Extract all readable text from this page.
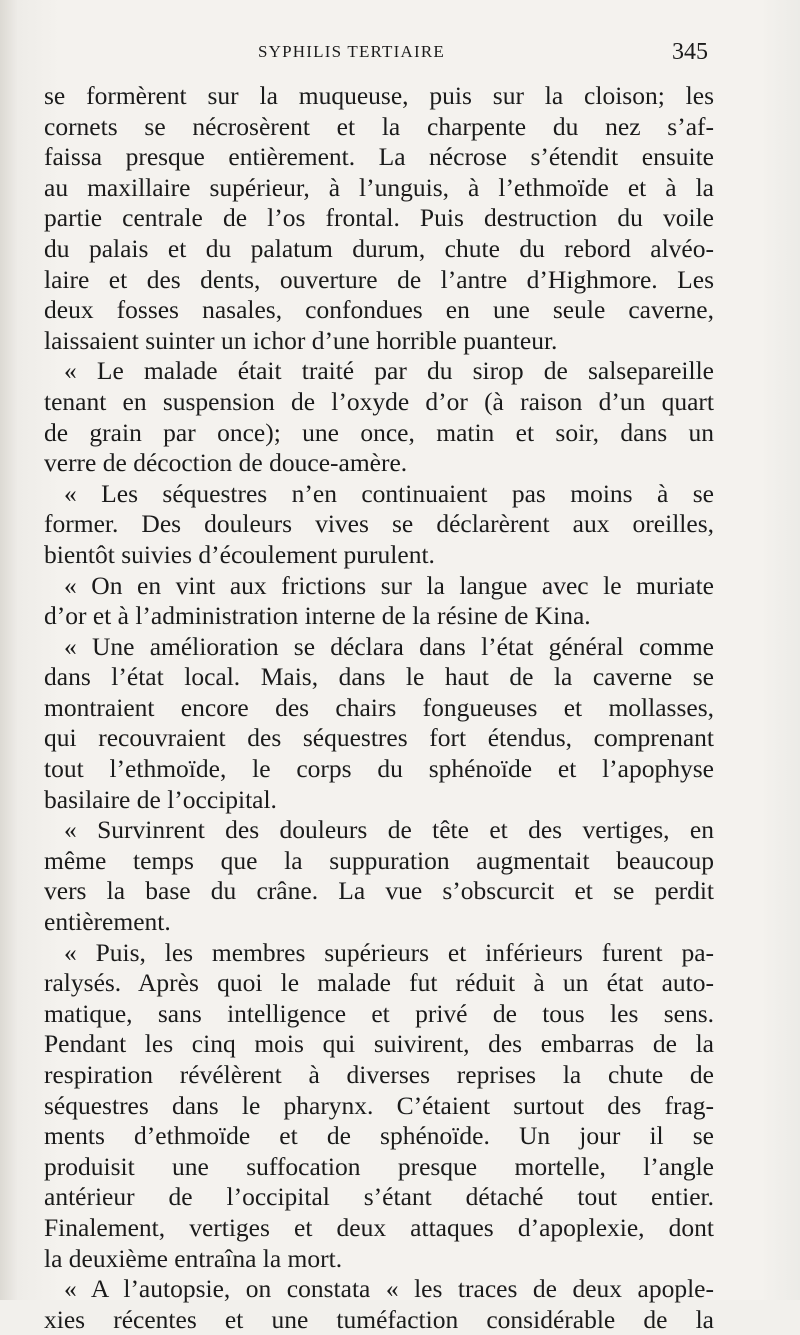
SYPHILIS TERTIAIRE	345
se formèrent sur la muqueuse, puis sur la cloison; les
cornets se nécrosèrent et la charpente du nez s’af-
faissa presque entièrement. La nécrose s’étendit ensuite
au maxillaire supérieur, à l’unguis, à l’ethmoïde et à la
partie centrale de l’os frontal. Puis destruction du voile
du palais et du palatum durum, chute du rebord alvéo-
laire et des dents, ouverture de l’antre d’Highmore. Les
deux fosses nasales, confondues en une seule caverne,
laissaient suinter un ichor d’une horrible puanteur.
« Le malade était traité par du sirop de salsepareille
tenant en suspension de l’oxyde d’or (à raison d’un quart
de grain par once); une once, matin et soir, dans un
verre de décoction de douce-amère.
« Les séquestres n’en continuaient pas moins à se
former. Des douleurs vives se déclarèrent aux oreilles,
bientôt suivies d’écoulement purulent.
« On en vint aux frictions sur la langue avec le muriate
d’or et à l’administration interne de la résine de Kina.
« Une amélioration se déclara dans l’état général comme
dans l’état local. Mais, dans le haut de la caverne se
montraient encore des chairs fongueuses et mollasses,
qui recouvraient des séquestres fort étendus, comprenant
tout l’ethmoïde, le corps du sphénoïde et l’apophyse
basilaire de l’occipital.
« Survinrent des douleurs de tête et des vertiges, en
même temps que la suppuration augmentait beaucoup
vers la base du crâne. La vue s’obscurcit et se perdit
entièrement.
« Puis, les membres supérieurs et inférieurs furent pa-
ralysés. Après quoi le malade fut réduit à un état auto-
matique, sans intelligence et privé de tous les sens.
Pendant les cinq mois qui suivirent, des embarras de la
respiration révélèrent à diverses reprises la chute de
séquestres dans le pharynx. C’étaient surtout des frag-
ments d’ethmoïde et de sphénoïde. Un jour il se
produisit une suffocation presque mortelle, l’angle
antérieur de l’occipital s’étant détaché tout entier.
Finalement, vertiges et deux attaques d’apoplexie, dont
la deuxième entraîna la mort.
« A l’autopsie, on constata « les traces de deux apople-
xies récentes et une tuméfaction considérable de la
